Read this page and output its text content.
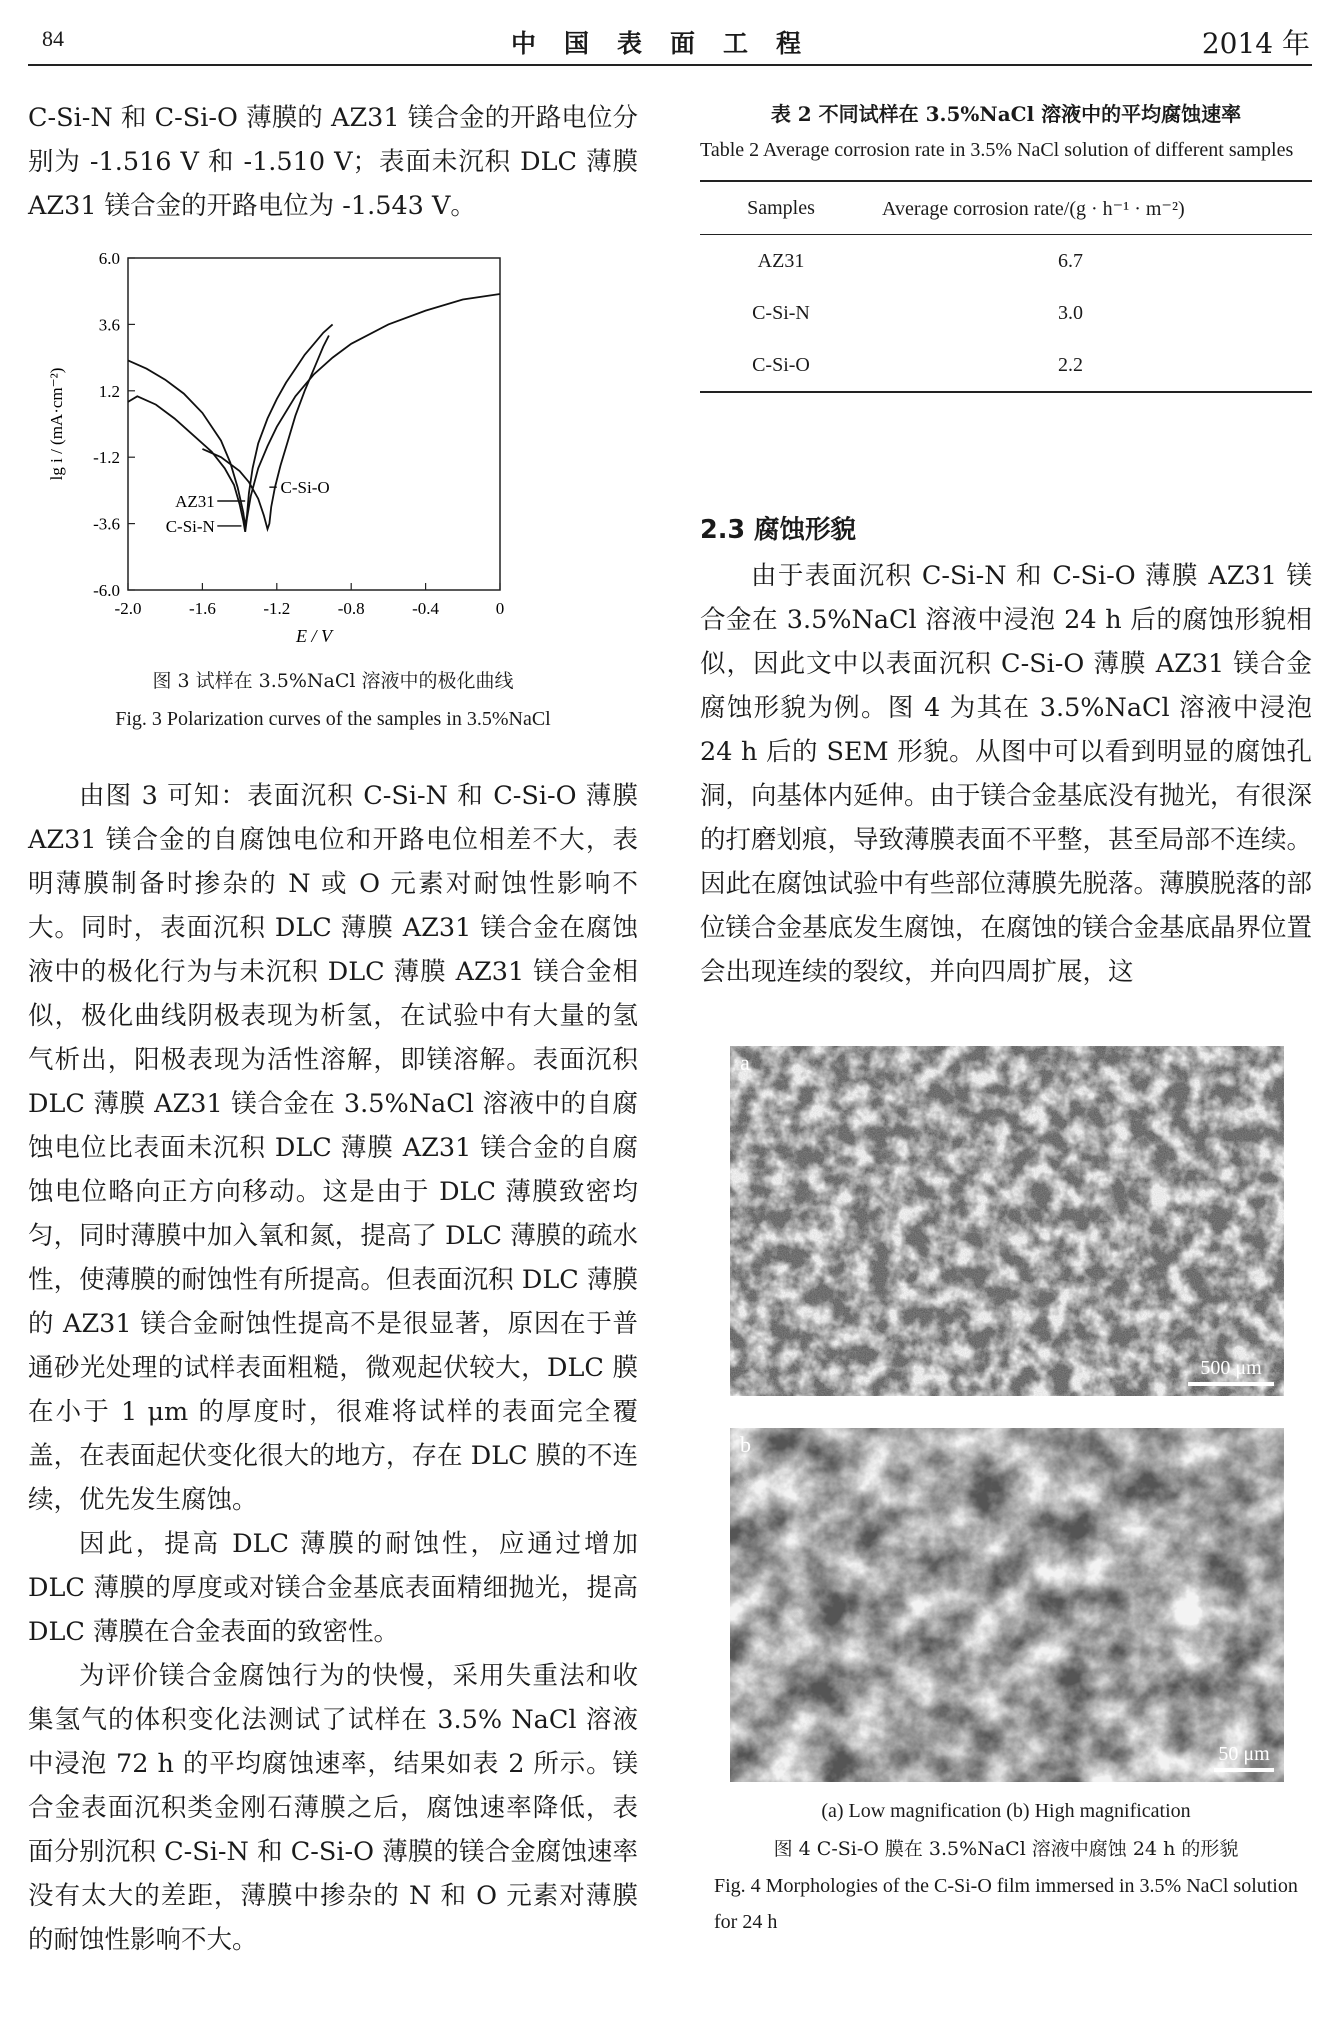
84	中国表面工程	2014 年

C-Si-N 和 C-Si-O 薄膜的 AZ31 镁合金的开路电位分别为 -1.516 V 和 -1.510 V；表面未沉积 DLC 薄膜 AZ31 镁合金的开路电位为 -1.543 V。

-2.0	-1.6	-1.2	-0.8	-0.4	0
6.0
3.6
1.2
-1.2
-3.6
-6.0
E / V
lg i / (mA·cm⁻²)
AZ31
C-Si-N
C-Si-O
图 3 试样在 3.5%NaCl 溶液中的极化曲线
Fig. 3 Polarization curves of the samples in 3.5%NaCl

由图 3 可知：表面沉积 C-Si-N 和 C-Si-O 薄膜 AZ31 镁合金的自腐蚀电位和开路电位相差不大，表明薄膜制备时掺杂的 N 或 O 元素对耐蚀性影响不大。同时，表面沉积 DLC 薄膜 AZ31 镁合金在腐蚀液中的极化行为与未沉积 DLC 薄膜 AZ31 镁合金相似，极化曲线阴极表现为析氢，在试验中有大量的氢气析出，阳极表现为活性溶解，即镁溶解。表面沉积 DLC 薄膜 AZ31 镁合金在 3.5%NaCl 溶液中的自腐蚀电位比表面未沉积 DLC 薄膜 AZ31 镁合金的自腐蚀电位略向正方向移动。这是由于 DLC 薄膜致密均匀，同时薄膜中加入氧和氮，提高了 DLC 薄膜的疏水性，使薄膜的耐蚀性有所提高。但表面沉积 DLC 薄膜的 AZ31 镁合金耐蚀性提高不是很显著，原因在于普通砂光处理的试样表面粗糙，微观起伏较大，DLC 膜在小于 1 μm 的厚度时，很难将试样的表面完全覆盖，在表面起伏变化很大的地方，存在 DLC 膜的不连续，优先发生腐蚀。

因此，提高 DLC 薄膜的耐蚀性，应通过增加 DLC 薄膜的厚度或对镁合金基底表面精细抛光，提高 DLC 薄膜在合金表面的致密性。

为评价镁合金腐蚀行为的快慢，采用失重法和收集氢气的体积变化法测试了试样在 3.5% NaCl 溶液中浸泡 72 h 的平均腐蚀速率，结果如表 2 所示。镁合金表面沉积类金刚石薄膜之后，腐蚀速率降低，表面分别沉积 C-Si-N 和 C-Si-O 薄膜的镁合金腐蚀速率没有太大的差距，薄膜中掺杂的 N 和 O 元素对薄膜的耐蚀性影响不大。

表 2 不同试样在 3.5%NaCl 溶液中的平均腐蚀速率
Table 2 Average corrosion rate in 3.5% NaCl solution of different samples
Samples	Average corrosion rate/(g · h⁻¹ · m⁻²)
AZ31	6.7
C-Si-N	3.0
C-Si-O	2.2

2.3 腐蚀形貌

由于表面沉积 C-Si-N 和 C-Si-O 薄膜 AZ31 镁合金在 3.5%NaCl 溶液中浸泡 24 h 后的腐蚀形貌相似，因此文中以表面沉积 C-Si-O 薄膜 AZ31 镁合金腐蚀形貌为例。图 4 为其在 3.5%NaCl 溶液中浸泡 24 h 后的 SEM 形貌。从图中可以看到明显的腐蚀孔洞，向基体内延伸。由于镁合金基底没有抛光，有很深的打磨划痕，导致薄膜表面不平整，甚至局部不连续。因此在腐蚀试验中有些部位薄膜先脱落。薄膜脱落的部位镁合金基底发生腐蚀，在腐蚀的镁合金基底晶界位置会出现连续的裂纹，并向四周扩展，这

a
500 μm
b
50 μm
(a) Low magnification (b) High magnification
图 4 C-Si-O 膜在 3.5%NaCl 溶液中腐蚀 24 h 的形貌
Fig. 4 Morphologies of the C-Si-O film immersed in 3.5% NaCl solution for 24 h
